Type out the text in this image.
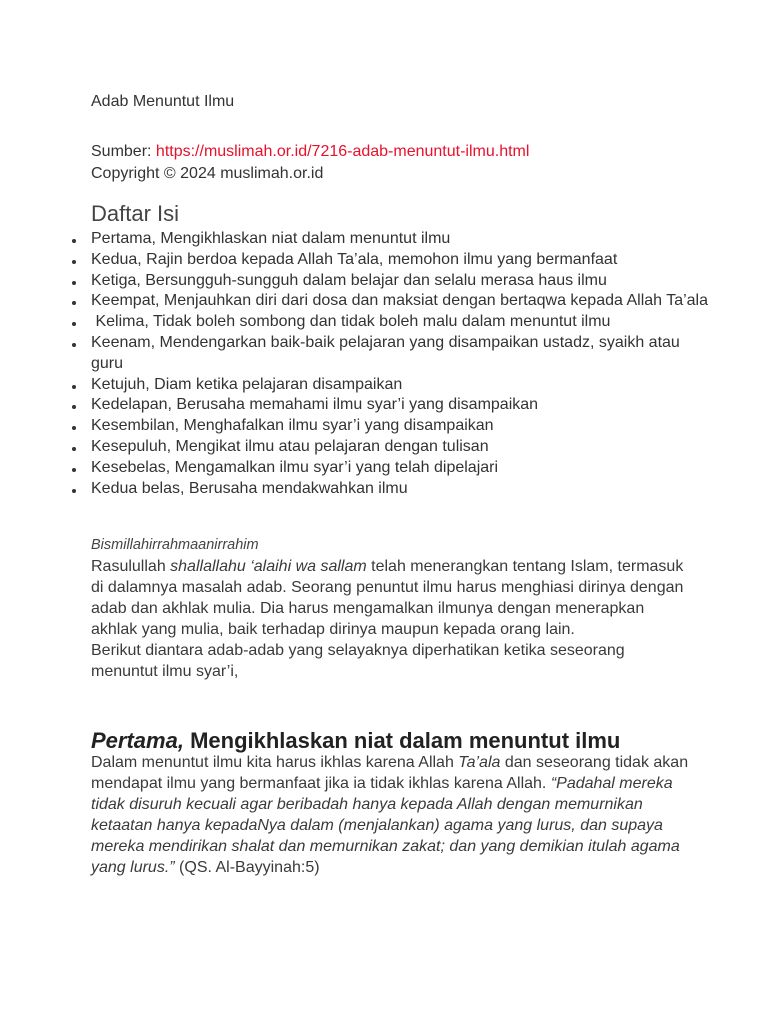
Adab Menuntut Ilmu
Sumber: https://muslimah.or.id/7216-adab-menuntut-ilmu.html
Copyright © 2024 muslimah.or.id
Daftar Isi
Pertama, Mengikhlaskan niat dalam menuntut ilmu
Kedua, Rajin berdoa kepada Allah Ta’ala, memohon ilmu yang bermanfaat
Ketiga, Bersungguh-sungguh dalam belajar dan selalu merasa haus ilmu
Keempat, Menjauhkan diri dari dosa dan maksiat dengan bertaqwa kepada Allah Ta’ala
Kelima, Tidak boleh sombong dan tidak boleh malu dalam menuntut ilmu
Keenam, Mendengarkan baik-baik pelajaran yang disampaikan ustadz, syaikh atau guru
Ketujuh, Diam ketika pelajaran disampaikan
Kedelapan, Berusaha memahami ilmu syar’i yang disampaikan
Kesembilan, Menghafalkan ilmu syar’i yang disampaikan
Kesepuluh, Mengikat ilmu atau pelajaran dengan tulisan
Kesebelas, Mengamalkan ilmu syar’i yang telah dipelajari
Kedua belas, Berusaha mendakwahkan ilmu
Bismillahirrahmaanirrahim

Rasulullah shallallahu ‘alaihi wa sallam telah menerangkan tentang Islam, termasuk di dalamnya masalah adab. Seorang penuntut ilmu harus menghiasi dirinya dengan adab dan akhlak mulia. Dia harus mengamalkan ilmunya dengan menerapkan akhlak yang mulia, baik terhadap dirinya maupun kepada orang lain.

Berikut diantara adab-adab yang selayaknya diperhatikan ketika seseorang menuntut ilmu syar’i,

Pertama, Mengikhlaskan niat dalam menuntut ilmu

Dalam menuntut ilmu kita harus ikhlas karena Allah Ta’ala dan seseorang tidak akan mendapat ilmu yang bermanfaat jika ia tidak ikhlas karena Allah. “Padahal mereka tidak disuruh kecuali agar beribadah hanya kepada Allah dengan memurnikan ketaatan hanya kepadaNya dalam (menjalankan) agama yang lurus, dan supaya mereka mendirikan shalat dan memurnikan zakat; dan yang demikian itulah agama yang lurus.” (QS. Al-Bayyinah:5)
